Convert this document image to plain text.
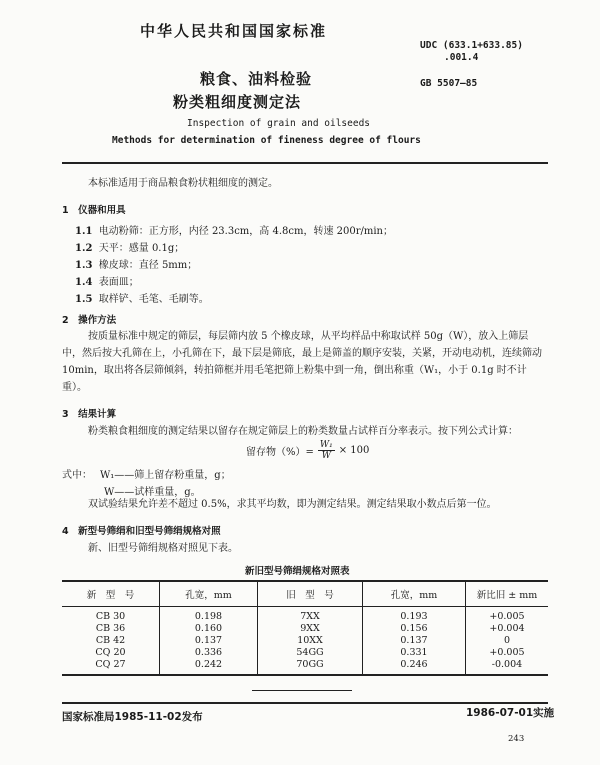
中华人民共和国国家标准
UDC (633.1+633.85)
.001.4
GB 5507—85
粮食、油料检验
粉类粗细度测定法
Inspection of grain and oilseeds
Methods for determination of fineness degree of flours

本标准适用于商品粮食粉状粗细度的测定。

1　仪器和用具
1.1 电动粉筛：正方形，内径 23.3cm，高 4.8cm，转速 200r/min；
1.2 天平：感量 0.1g；
1.3 橡皮球：直径 5mm；
1.4 表面皿；
1.5 取样铲、毛笔、毛刷等。
2　操作方法

按质量标准中规定的筛层，每层筛内放 5 个橡皮球，从平均样品中称取试样 50g（W），放入上筛层中，然后按大孔筛在上，小孔筛在下，最下层是筛底，最上是筛盖的顺序安装，关紧，开动电动机，连续筛动 10min，取出将各层筛倾斜，转拍筛框并用毛笔把筛上粉集中到一角，倒出称重（W₁，小于 0.1g 时不计重）。

3　结果计算

粉类粮食粗细度的测定结果以留存在规定筛层上的粉类数量占试样百分率表示。按下列公式计算：

留存物（%）= $\frac{\text{W₁}}{W} \times 100$
式中： W₁——筛上留存粉重量，g；
W——试样重量，g。

双试验结果允许差不超过 0.5%，求其平均数，即为测定结果。测定结果取小数点后第一位。

4　新型号筛绢和旧型号筛绢规格对照

新、旧型号筛绢规格对照见下表。

新旧型号筛绢规格对照表
新　型　号	孔宽，mm	旧　型　号	孔宽，mm	新比旧 ± mm
CB 30	0.198	7XX	0.193	+0.005
CB 36	0.160	9XX	0.156	+0.004
CB 42	0.137	10XX	0.137	0
CQ 20	0.336	54GG	0.331	+0.005
CQ 27	0.242	70GG	0.246	-0.004
国家标准局1985-11-02发布	1986-07-01实施
243
